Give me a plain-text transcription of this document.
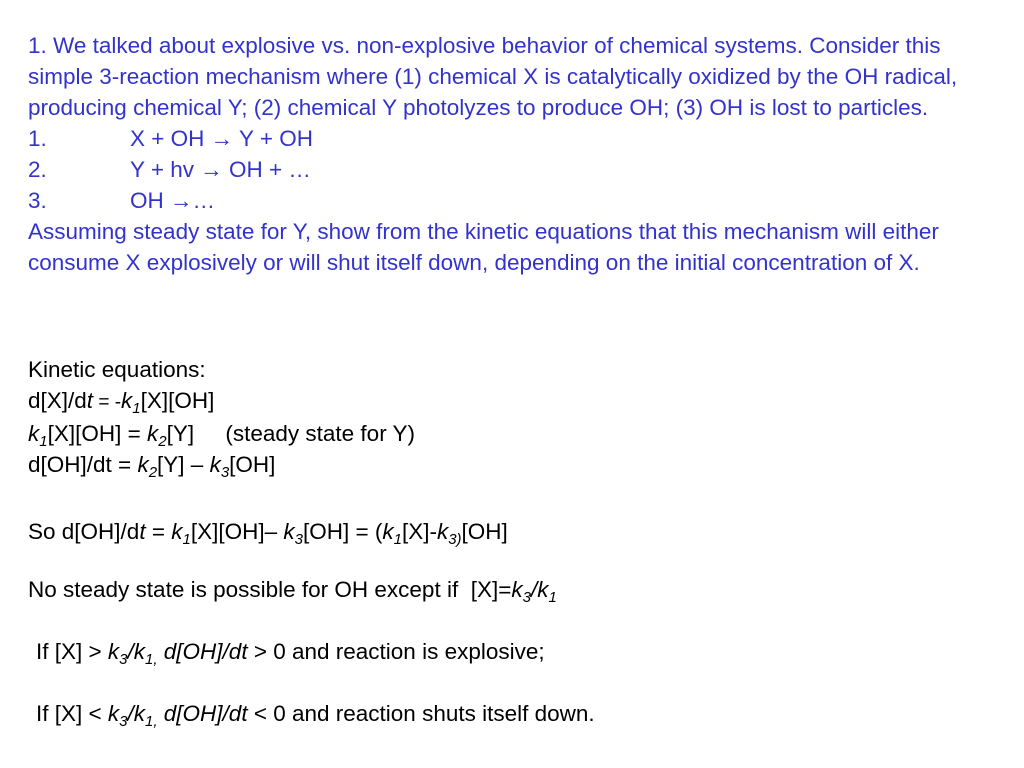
1. We talked about explosive vs. non-explosive behavior of chemical systems. Consider this simple 3-reaction mechanism where (1) chemical X is catalytically oxidized by the OH radical, producing chemical Y; (2) chemical Y photolyzes to produce OH; (3) OH is lost to particles.

1.	X + OH → Y + OH
2.	Y + hv → OH + …
3.	OH →…

Assuming steady state for Y, show from the kinetic equations that this mechanism will either consume X explosively or will shut itself down, depending on the initial concentration of X.

Kinetic equations:

$d[X]/dt = -k_1[X][OH]$

$k_1[X][OH] = k_2[Y]$     (steady state for Y)

$d[OH]/dt = k_2[Y] - k_3[OH]$

So $d[OH]/dt = k_1[X][OH]-$ $k_3[OH] = (k_1[X]-k_{3)}[OH]$

No steady state is possible for OH except if  $[X]=k_3/k_1$

If $[X] > k_3/k_{1,}$ d[OH]/dt > 0 and reaction is explosive;

If $[X] < k_3/k_{1,}$ d[OH]/dt < 0 and reaction shuts itself down.
